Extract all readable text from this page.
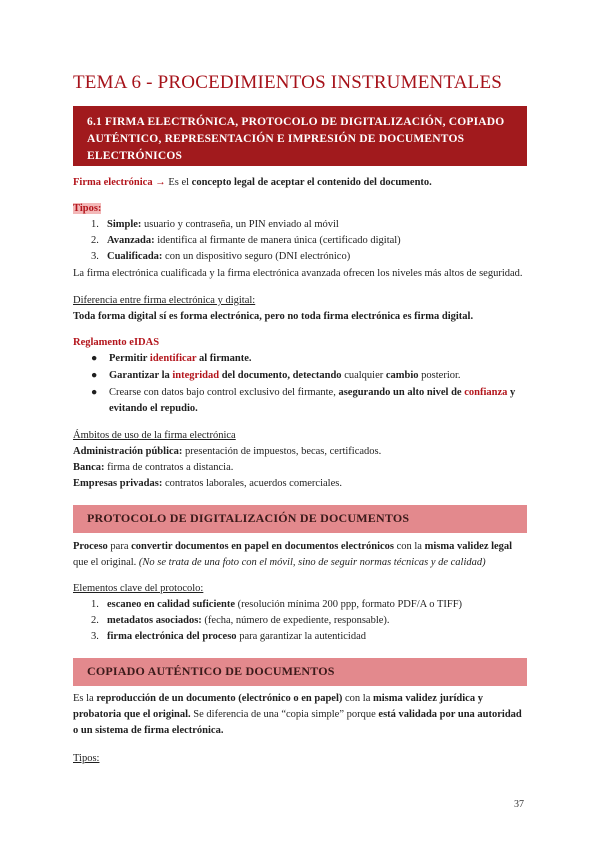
TEMA 6 - PROCEDIMIENTOS INSTRUMENTALES
6.1 FIRMA ELECTRÓNICA, PROTOCOLO DE DIGITALIZACIÓN, COPIADO
AUTÉNTICO, REPRESENTACIÓN E IMPRESIÓN DE DOCUMENTOS
ELECTRÓNICOS
Firma electrónica → Es el concepto legal de aceptar el contenido del documento.
Tipos:
1. Simple: usuario y contraseña, un PIN enviado al móvil
2. Avanzada: identifica al firmante de manera única (certificado digital)
3. Cualificada: con un dispositivo seguro (DNI electrónico)
La firma electrónica cualificada y la firma electrónica avanzada ofrecen los niveles más altos de seguridad.
Diferencia entre firma electrónica y digital:
Toda forma digital sí es forma electrónica, pero no toda firma electrónica es firma digital.
Reglamento eIDAS
● Permitir identificar al firmante.
● Garantizar la integridad del documento, detectando cualquier cambio posterior.
● Crearse con datos bajo control exclusivo del firmante, asegurando un alto nivel de confianza y
evitando el repudio.
Ámbitos de uso de la firma electrónica
Administración pública: presentación de impuestos, becas, certificados.
Banca: firma de contratos a distancia.
Empresas privadas: contratos laborales, acuerdos comerciales.
PROTOCOLO DE DIGITALIZACIÓN DE DOCUMENTOS
Proceso para convertir documentos en papel en documentos electrónicos con la misma validez legal
que el original. (No se trata de una foto con el móvil, sino de seguir normas técnicas y de calidad)
Elementos clave del protocolo:
1. escaneo en calidad suficiente (resolución mínima 200 ppp, formato PDF/A o TIFF)
2. metadatos asociados: (fecha, número de expediente, responsable).
3. firma electrónica del proceso para garantizar la autenticidad
COPIADO AUTÉNTICO DE DOCUMENTOS
Es la reproducción de un documento (electrónico o en papel) con la misma validez jurídica y
probatoria que el original. Se diferencia de una “copia simple” porque está validada por una autoridad
o un sistema de firma electrónica.
Tipos:
37
